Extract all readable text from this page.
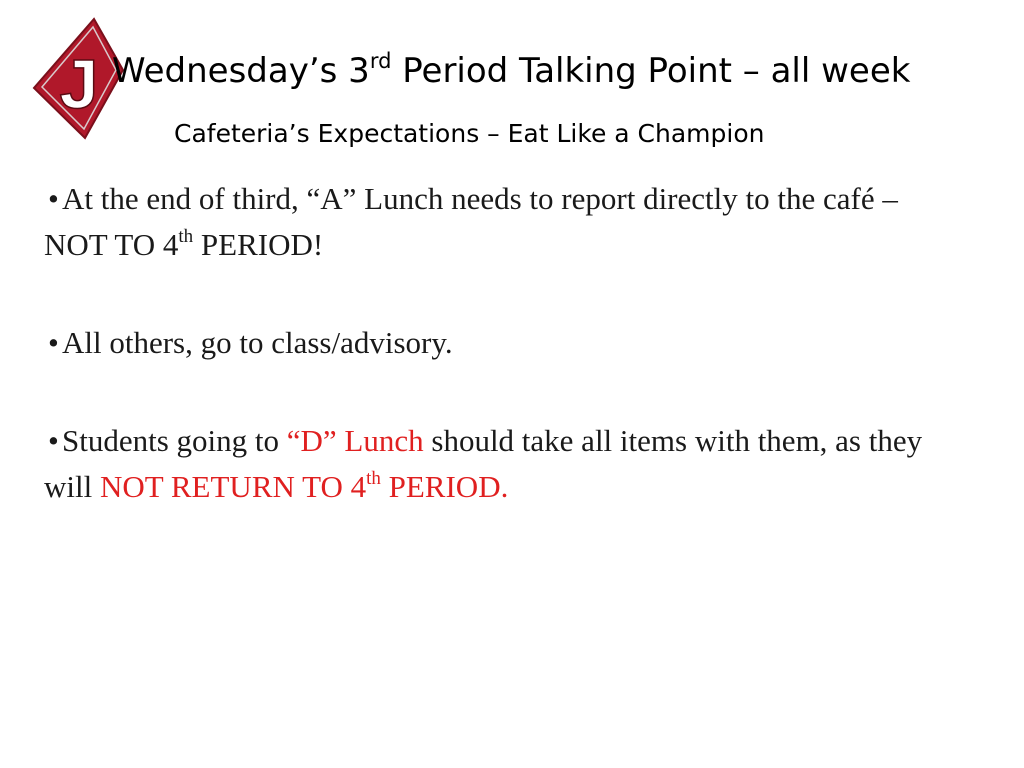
J Wednesday’s 3rd Period Talking Point – all week
Cafeteria’s Expectations – Eat Like a Champion

• At the end of third, “A” Lunch needs to report directly to the café – NOT TO 4th PERIOD!

• All others, go to class/advisory.

• Students going to “D” Lunch should take all items with them, as they will NOT RETURN TO 4th PERIOD.
